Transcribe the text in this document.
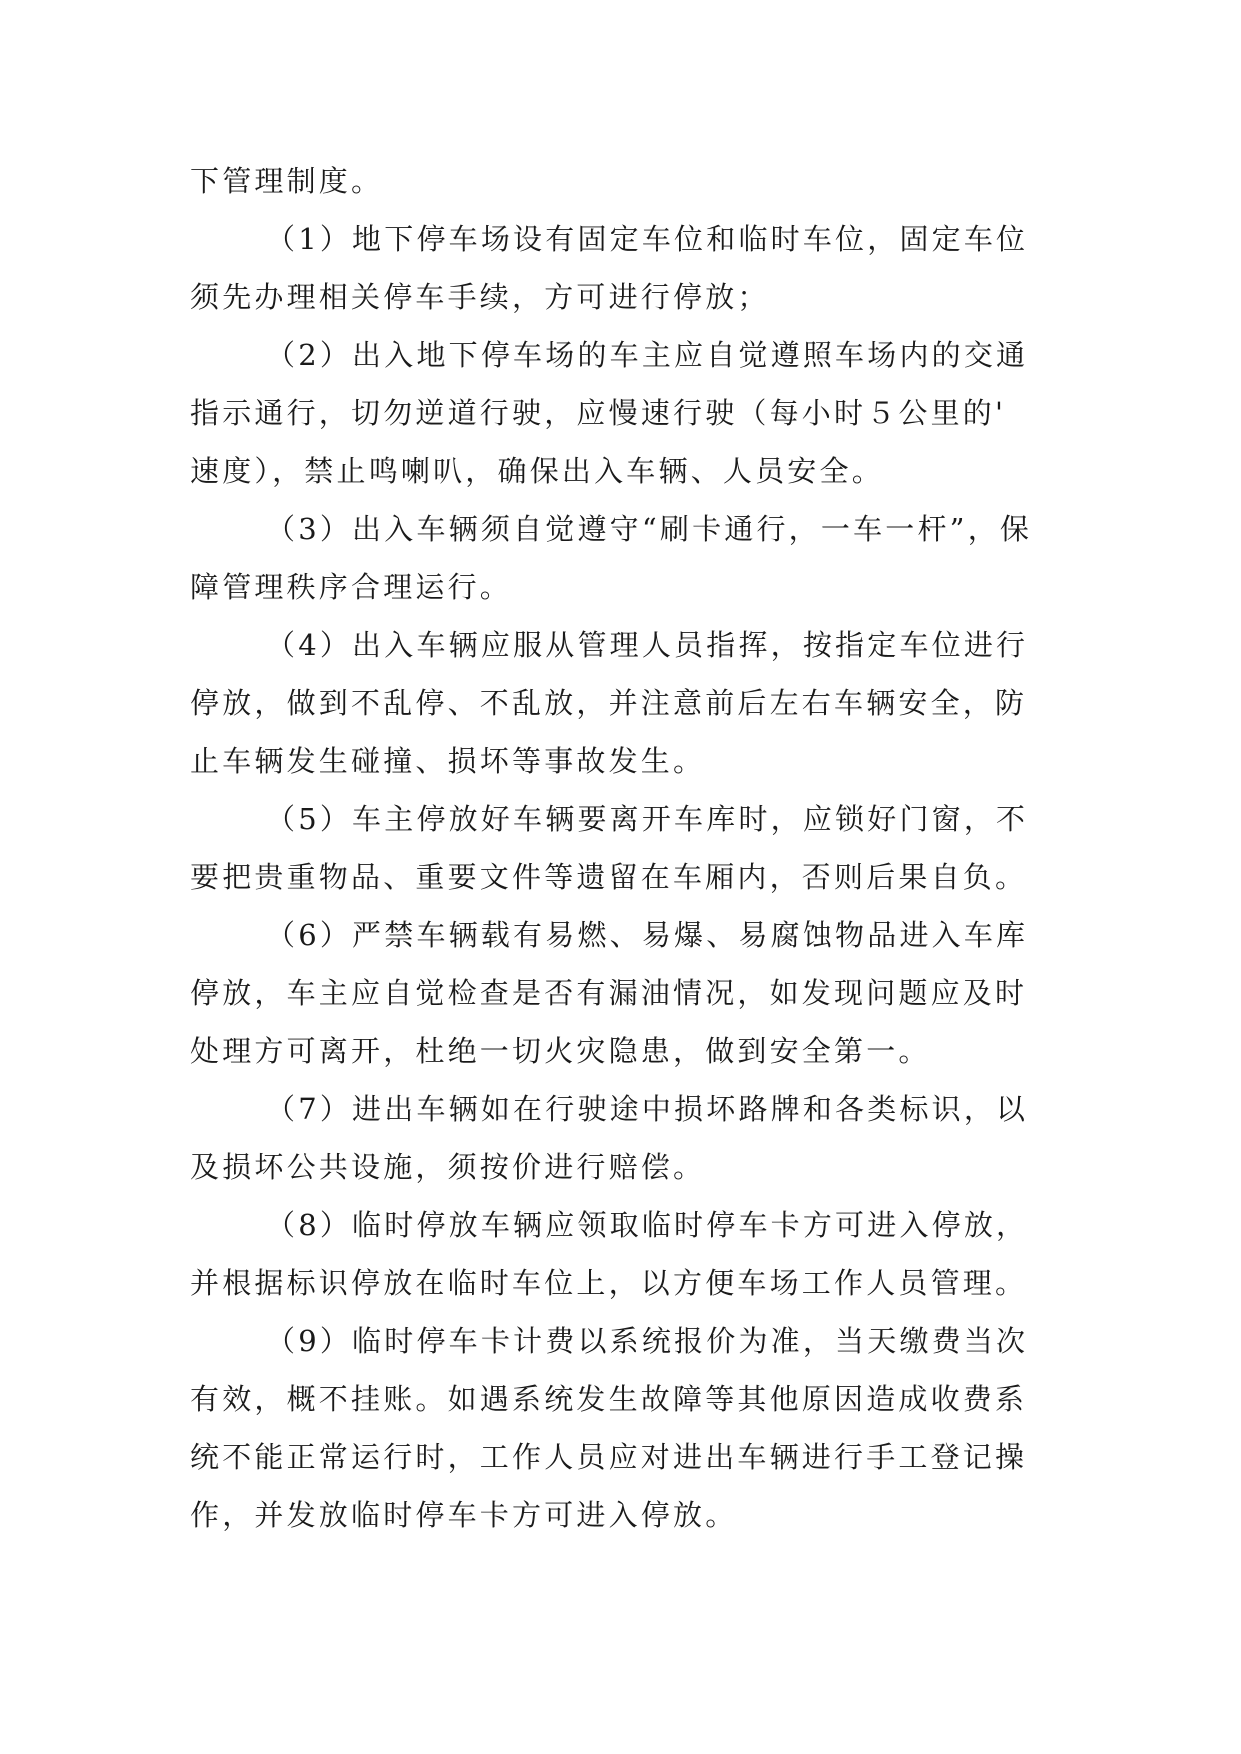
下管理制度。
（1）地下停车场设有固定车位和临时车位，固定车位
须先办理相关停车手续，方可进行停放；
（2）出入地下停车场的车主应自觉遵照车场内的交通
指示通行，切勿逆道行驶，应慢速行驶（每小时５公里的'
速度），禁止鸣喇叭，确保出入车辆、人员安全。
（3）出入车辆须自觉遵守“刷卡通行，一车一杆”，保
障管理秩序合理运行。
（4）出入车辆应服从管理人员指挥，按指定车位进行
停放，做到不乱停、不乱放，并注意前后左右车辆安全，防
止车辆发生碰撞、损坏等事故发生。
（5）车主停放好车辆要离开车库时，应锁好门窗，不
要把贵重物品、重要文件等遗留在车厢内，否则后果自负。
（6）严禁车辆载有易燃、易爆、易腐蚀物品进入车库
停放，车主应自觉检查是否有漏油情况，如发现问题应及时
处理方可离开，杜绝一切火灾隐患，做到安全第一。
（7）进出车辆如在行驶途中损坏路牌和各类标识，以
及损坏公共设施，须按价进行赔偿。
（8）临时停放车辆应领取临时停车卡方可进入停放，
并根据标识停放在临时车位上，以方便车场工作人员管理。
（9）临时停车卡计费以系统报价为准，当天缴费当次
有效，概不挂账。如遇系统发生故障等其他原因造成收费系
统不能正常运行时，工作人员应对进出车辆进行手工登记操
作，并发放临时停车卡方可进入停放。
